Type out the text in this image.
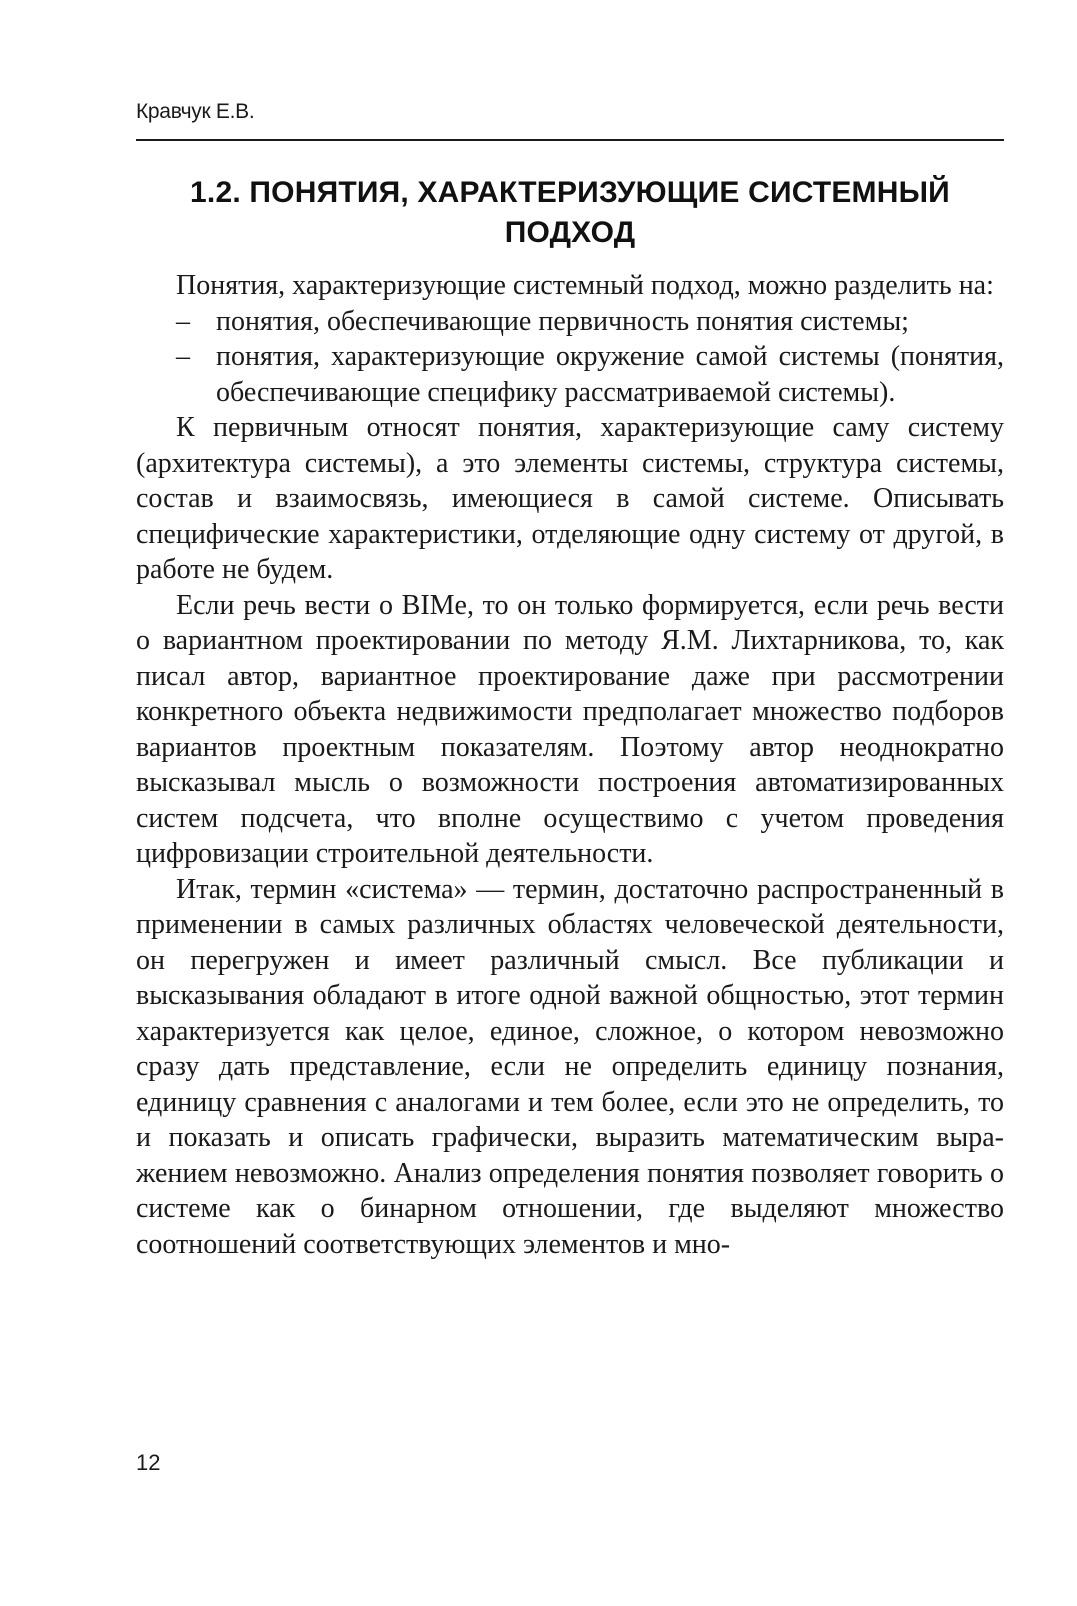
Кравчук Е.В.
1.2. ПОНЯТИЯ, ХАРАКТЕРИЗУЮЩИЕ СИСТЕМНЫЙ ПОДХОД

Понятия, характеризующие системный подход, можно разделить на:

– понятия, обеспечивающие первичность понятия системы;
– понятия, характеризующие окружение самой системы (понятия, обеспечивающие специфику рассматриваемой системы).

К первичным относят понятия, характеризующие саму систему (архитектура системы), а это элементы системы, структура системы, состав и взаимосвязь, имеющиеся в самой системе. Описывать специфические характеристики, отделяющие одну систему от другой, в работе не будем.

Если речь вести о BIMе, то он только формируется, если речь вести о вариантном проектировании по методу Я.М. Лихтарникова, то, как писал автор, вариантное проектирование даже при рассмотрении конкретного объекта недвижимости предполагает множество подборов вариантов проектным показателям. Поэтому автор неоднократно высказывал мысль о возможности построения автоматизированных систем подсчета, что вполне осуществимо с учетом проведения цифровизации строительной деятельности.

Итак, термин «система» — термин, достаточно распространенный в применении в самых различных областях человеческой деятельности, он перегружен и имеет различный смысл. Все публикации и высказывания обладают в итоге одной важной общностью, этот термин характеризуется как целое, единое, сложное, о котором невозможно сразу дать представление, если не определить единицу познания, единицу сравнения с аналогами и тем более, если это не определить, то и показать и описать графически, выразить математическим выражением невозможно. Анализ определения понятия позволяет говорить о системе как о бинарном отношении, где выделяют множество соотношений соответствующих элементов и мно-

12
